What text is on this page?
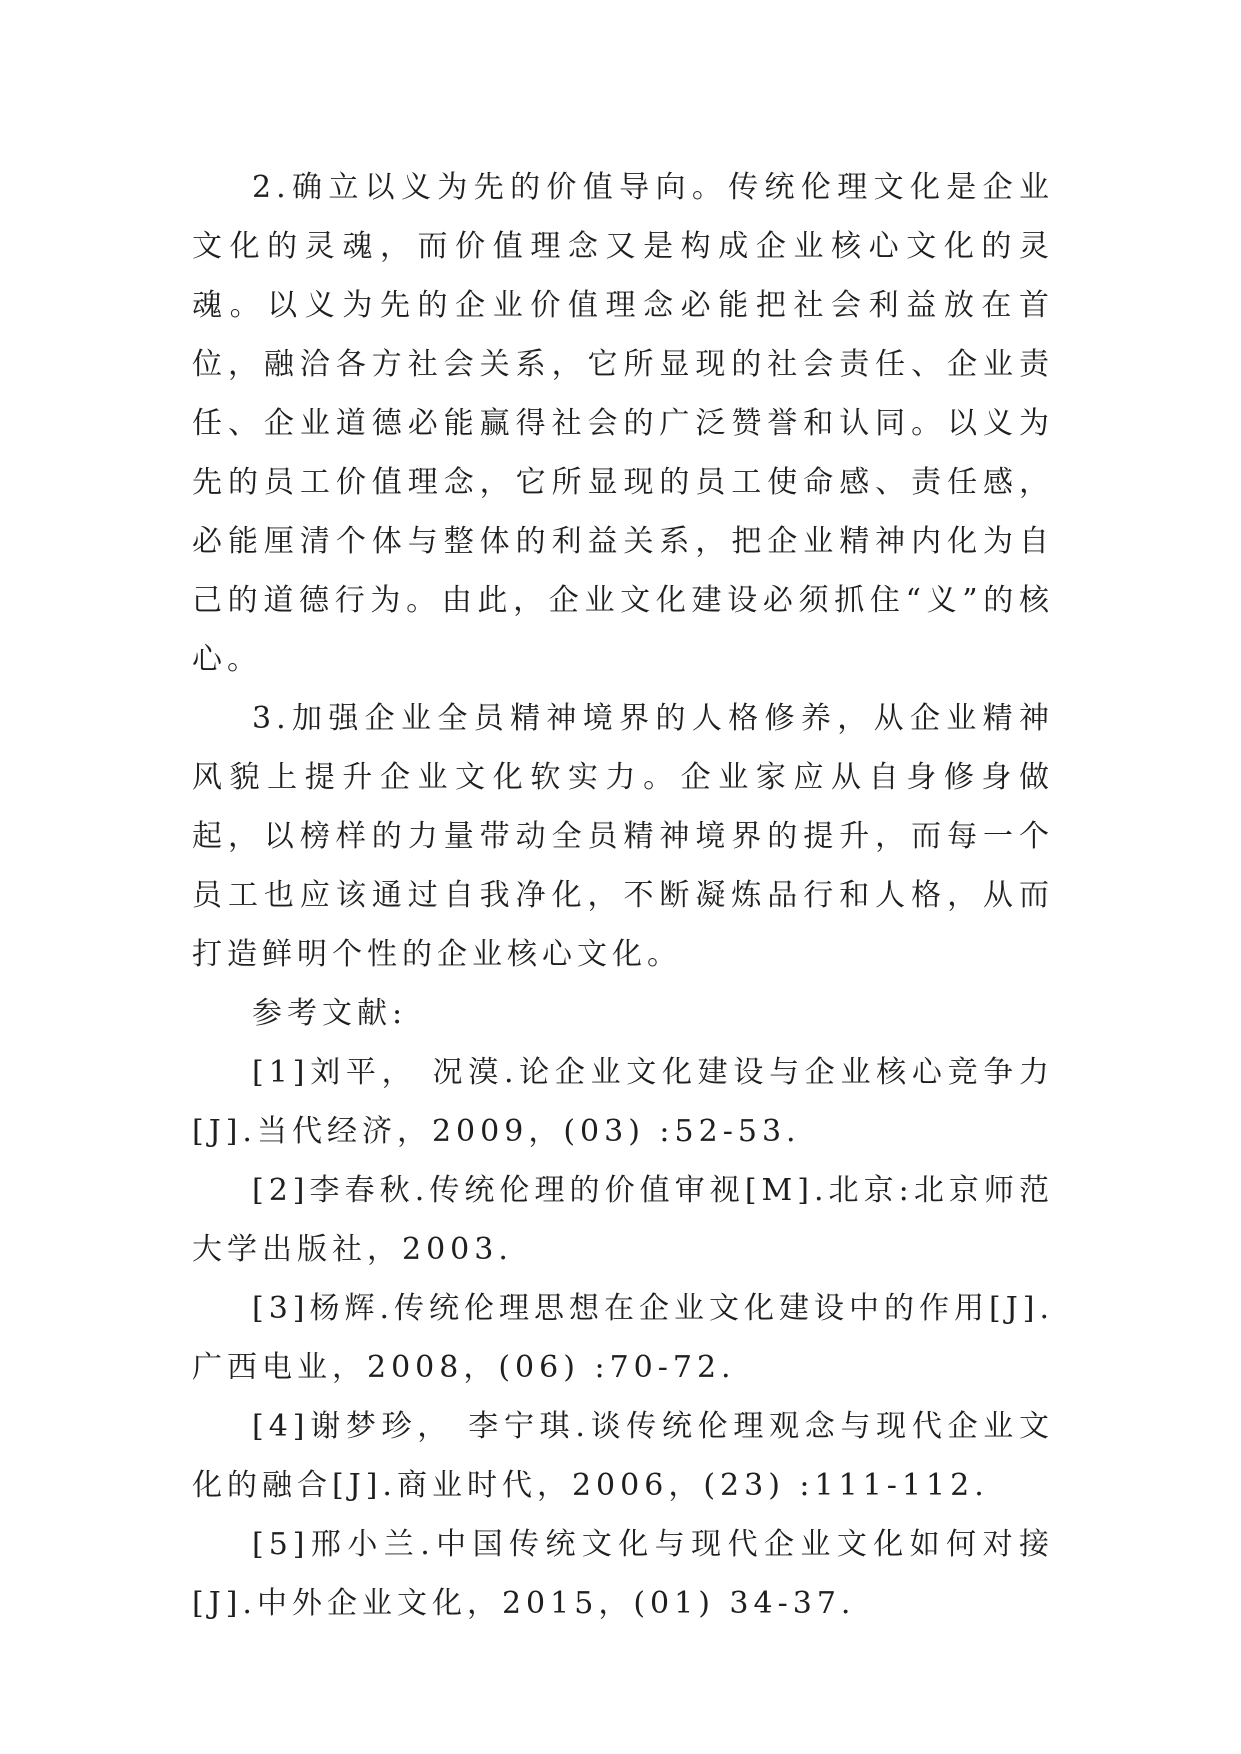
2.确立以义为先的价值导向。传统伦理文化是企业文化的灵魂，而价值理念又是构成企业核心文化的灵魂。以义为先的企业价值理念必能把社会利益放在首位，融洽各方社会关系，它所显现的社会责任、企业责任、企业道德必能赢得社会的广泛赞誉和认同。以义为先的员工价值理念，它所显现的员工使命感、责任感，必能厘清个体与整体的利益关系，把企业精神内化为自己的道德行为。由此，企业文化建设必须抓住“义”的核心。

3.加强企业全员精神境界的人格修养，从企业精神风貌上提升企业文化软实力。企业家应从自身修身做起，以榜样的力量带动全员精神境界的提升，而每一个员工也应该通过自我净化，不断凝炼品行和人格，从而打造鲜明个性的企业核心文化。

参考文献:

[1]刘平， 况漠.论企业文化建设与企业核心竞争力[J].当代经济，2009，(03) :52-53.

[2]李春秋.传统伦理的价值审视[M].北京:北京师范大学出版社，2003.

[3]杨辉.传统伦理思想在企业文化建设中的作用[J].广西电业，2008，(06) :70-72.

[4]谢梦珍， 李宁琪.谈传统伦理观念与现代企业文化的融合[J].商业时代，2006，(23) :111-112.

[5]邢小兰.中国传统文化与现代企业文化如何对接[J].中外企业文化，2015，(01) 34-37.
